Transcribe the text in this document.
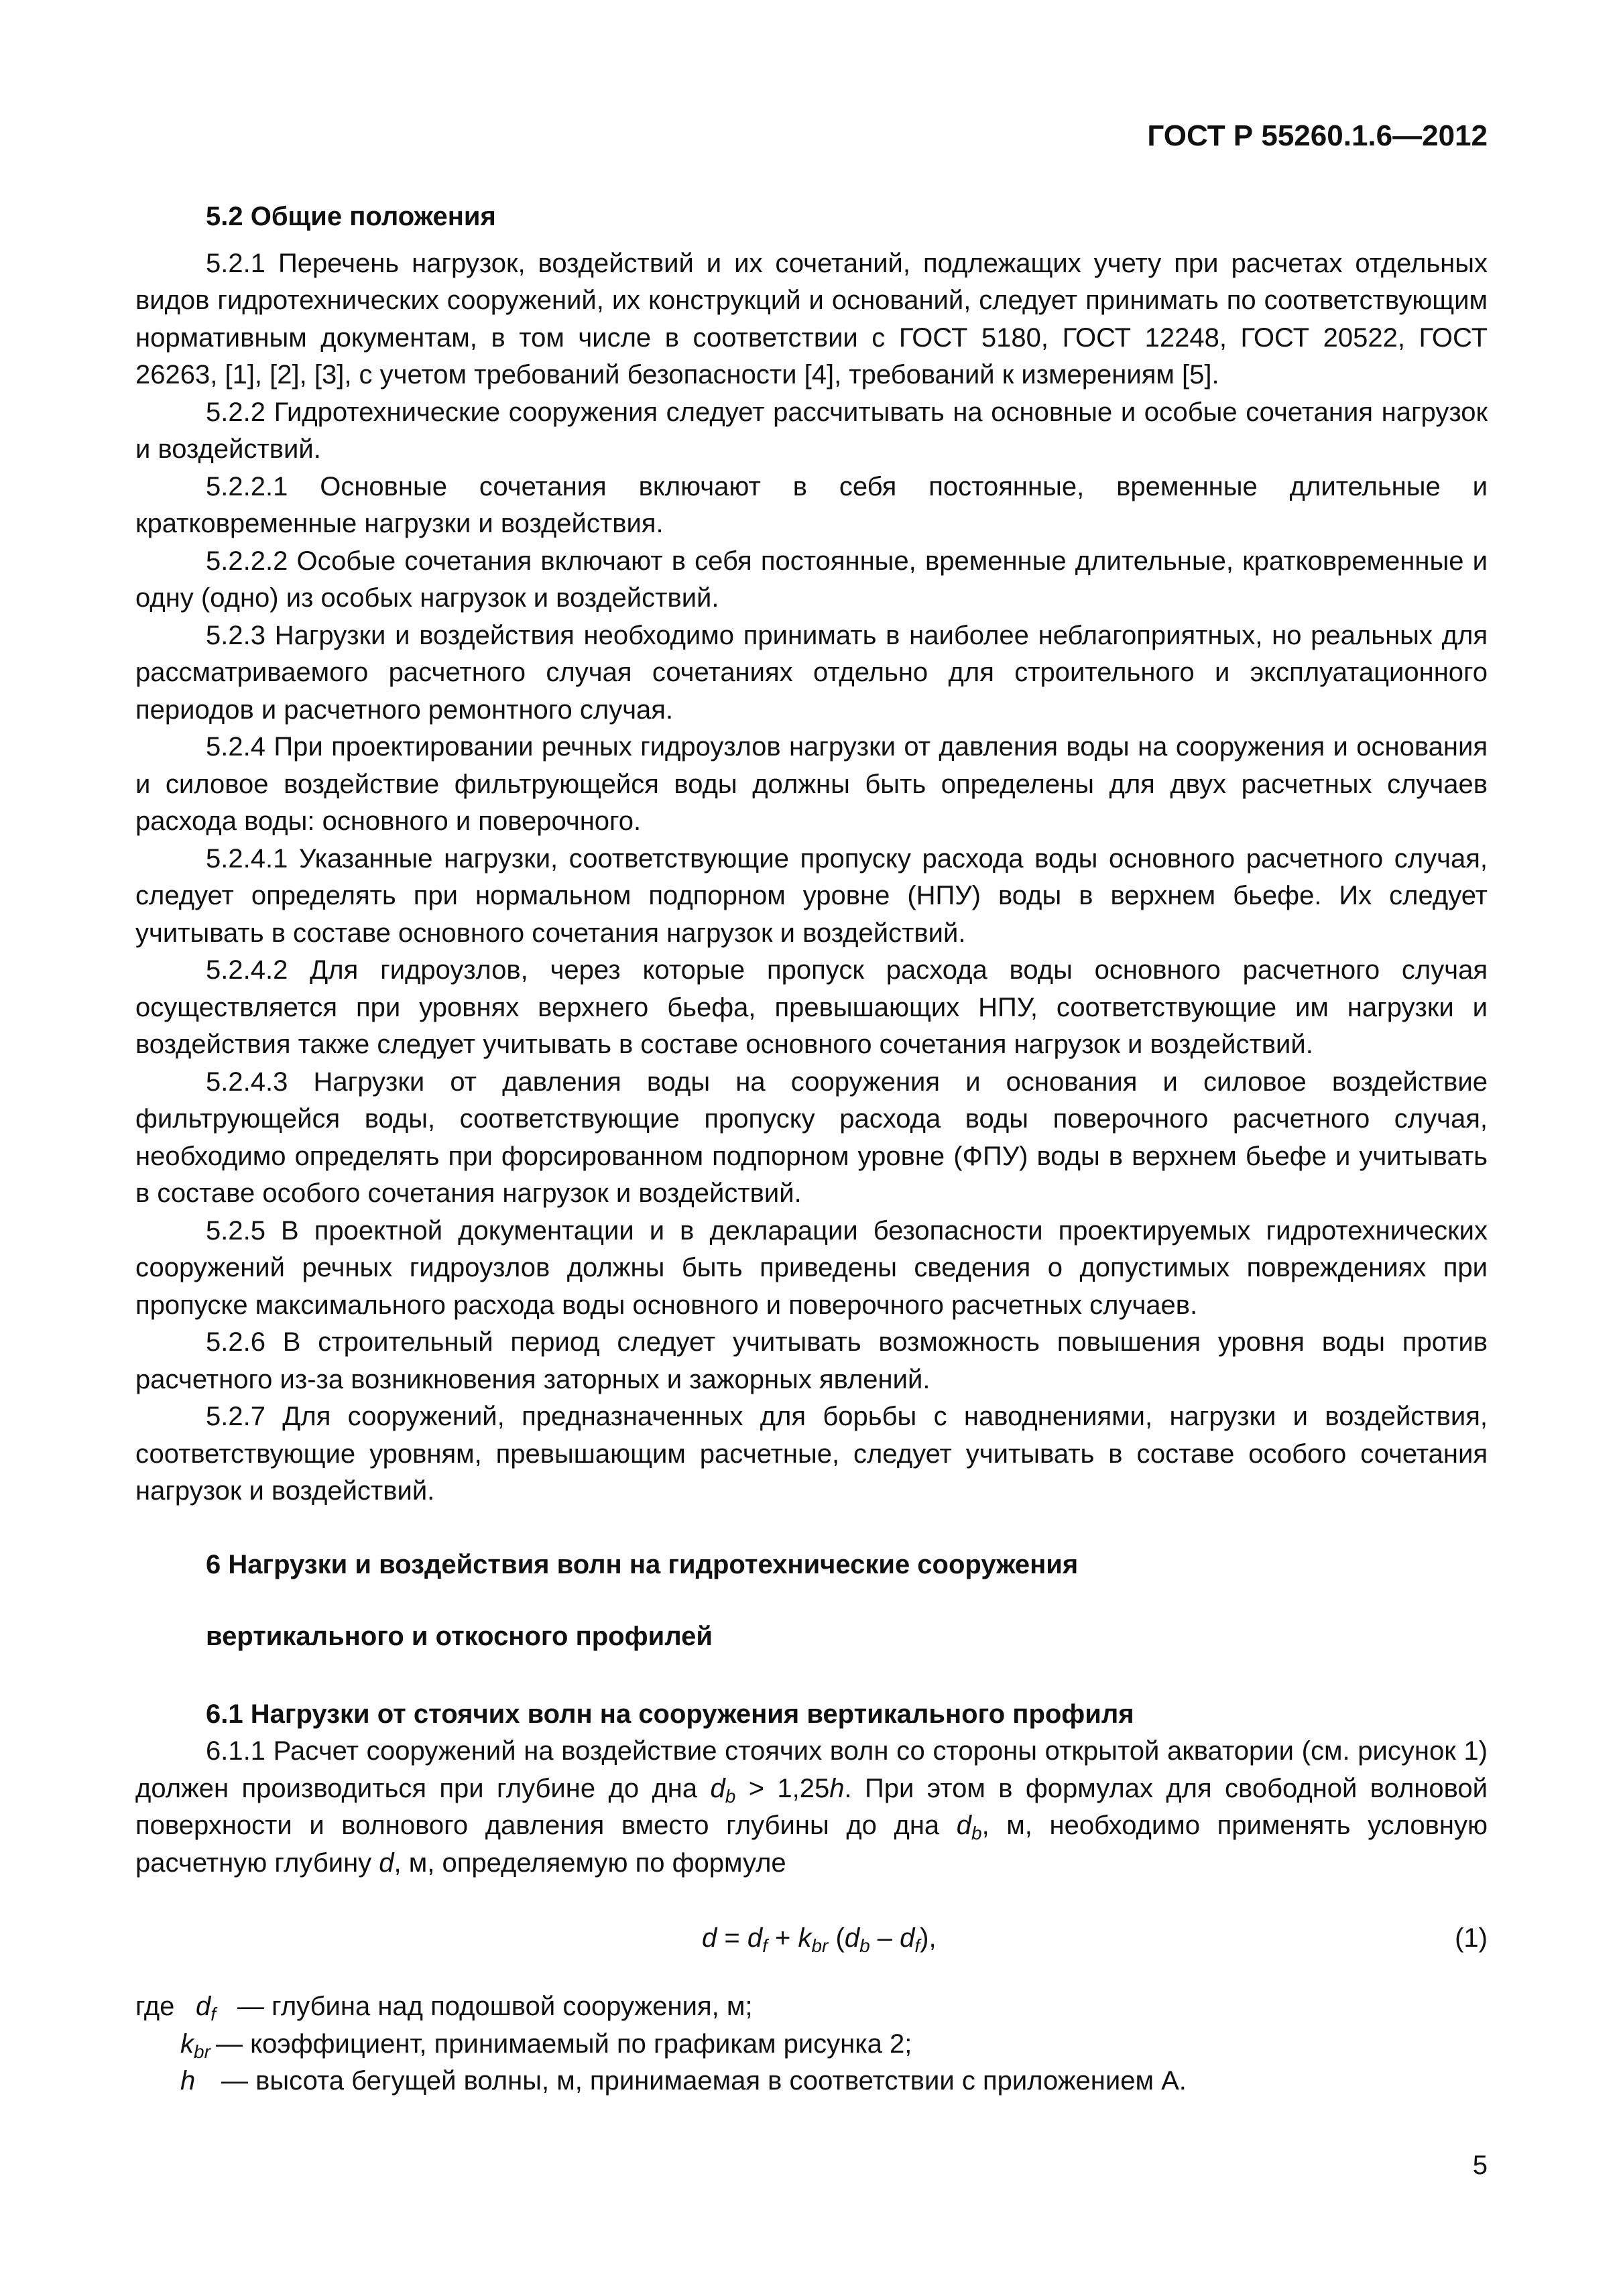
ГОСТ Р 55260.1.6—2012

5.2 Общие положения

5.2.1 Перечень нагрузок, воздействий и их сочетаний, подлежащих учету при расчетах отдельных видов гидротехнических сооружений, их конструкций и оснований, следует принимать по соответствующим нормативным документам, в том числе в соответствии с ГОСТ 5180, ГОСТ 12248, ГОСТ 20522, ГОСТ 26263, [1], [2], [3], с учетом требований безопасности [4], требований к измерениям [5].

5.2.2 Гидротехнические сооружения следует рассчитывать на основные и особые сочетания нагрузок и воздействий.

5.2.2.1 Основные сочетания включают в себя постоянные, временные длительные и кратковременные нагрузки и воздействия.

5.2.2.2 Особые сочетания включают в себя постоянные, временные длительные, кратковременные и одну (одно) из особых нагрузок и воздействий.

5.2.3 Нагрузки и воздействия необходимо принимать в наиболее неблагоприятных, но реальных для рассматриваемого расчетного случая сочетаниях отдельно для строительного и эксплуатационного периодов и расчетного ремонтного случая.

5.2.4 При проектировании речных гидроузлов нагрузки от давления воды на сооружения и основания и силовое воздействие фильтрующейся воды должны быть определены для двух расчетных случаев расхода воды: основного и поверочного.

5.2.4.1 Указанные нагрузки, соответствующие пропуску расхода воды основного расчетного случая, следует определять при нормальном подпорном уровне (НПУ) воды в верхнем бьефе. Их следует учитывать в составе основного сочетания нагрузок и воздействий.

5.2.4.2 Для гидроузлов, через которые пропуск расхода воды основного расчетного случая осуществляется при уровнях верхнего бьефа, превышающих НПУ, соответствующие им нагрузки и воздействия также следует учитывать в составе основного сочетания нагрузок и воздействий.

5.2.4.3 Нагрузки от давления воды на сооружения и основания и силовое воздействие фильтрующейся воды, соответствующие пропуску расхода воды поверочного расчетного случая, необходимо определять при форсированном подпорном уровне (ФПУ) воды в верхнем бьефе и учитывать в составе особого сочетания нагрузок и воздействий.

5.2.5 В проектной документации и в декларации безопасности проектируемых гидротехнических сооружений речных гидроузлов должны быть приведены сведения о допустимых повреждениях при пропуске максимального расхода воды основного и поверочного расчетных случаев.

5.2.6 В строительный период следует учитывать возможность повышения уровня воды против расчетного из-за возникновения заторных и зажорных явлений.

5.2.7 Для сооружений, предназначенных для борьбы с наводнениями, нагрузки и воздействия, соответствующие уровням, превышающим расчетные, следует учитывать в составе особого сочетания нагрузок и воздействий.

6 Нагрузки и воздействия волн на гидротехнические сооружения

вертикального и откосного профилей

6.1 Нагрузки от стоячих волн на сооружения вертикального профиля

6.1.1 Расчет сооружений на воздействие стоячих волн со стороны открытой акватории (см. рисунок 1) должен производиться при глубине до дна $d_b > 1,25h$. При этом в формулах для свободной волновой поверхности и волнового давления вместо глубины до дна $d_b$, м, необходимо применять условную расчетную глубину d, м, определяемую по формуле

$d = d_f + k_{br}$ $(d_b - d_f)$,	(1)
где $d_f$ — глубина над подошвой сооружения, м;
$k_{br}$ — коэффициент, принимаемый по графикам рисунка 2;
h — высота бегущей волны, м, принимаемая в соответствии с приложением А.
5
